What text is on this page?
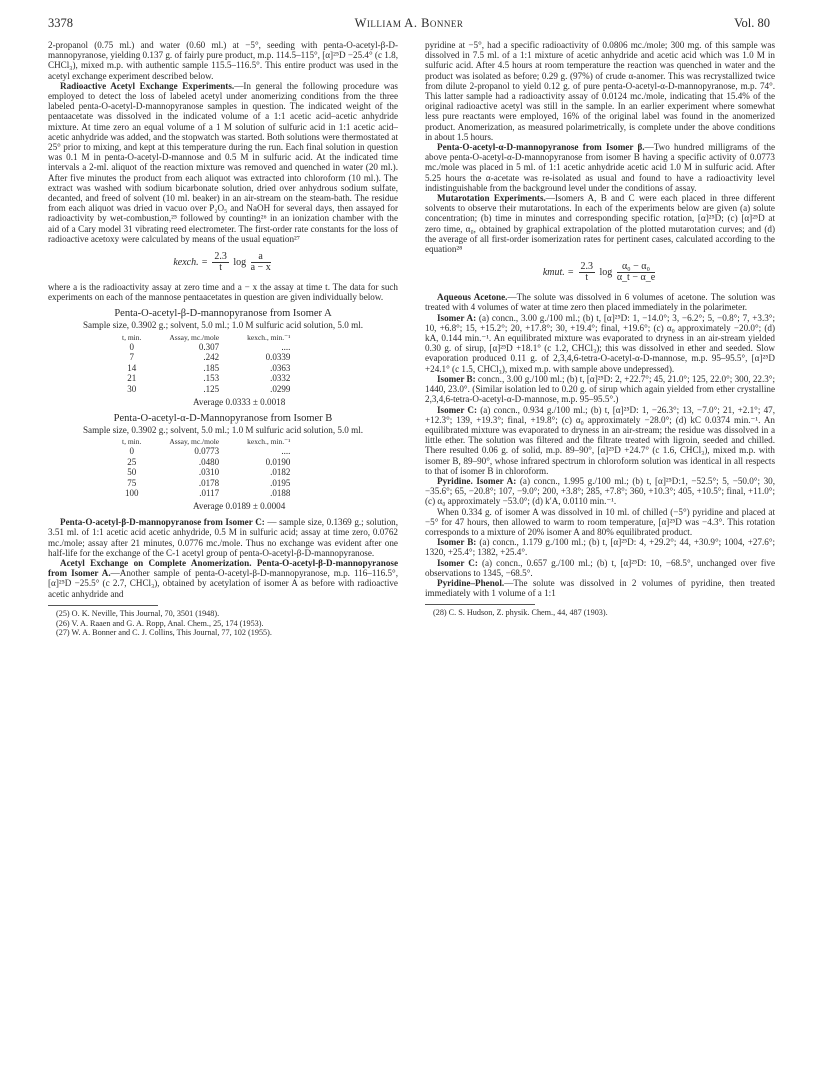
3378	William A. Bonner	Vol. 80

2-propanol (0.75 ml.) and water (0.60 ml.) at −5°, seeding with penta-O-acetyl-β-D-mannopyranose, yielding 0.137 g. of fairly pure product, m.p. 114.5–115°, [α]²⁵D −25.4° (c 1.8, CHCl₃), mixed m.p. with authentic sample 115.5–116.5°. This entire product was used in the acetyl exchange experiment described below.

Radioactive Acetyl Exchange Experiments.—In general the following procedure was employed to detect the loss of labeled acetyl under anomerizing conditions from the three labeled penta-O-acetyl-D-mannopyranose samples in question. The indicated weight of the pentaacetate was dissolved in the indicated volume of a 1:1 acetic acid–acetic anhydride mixture. At time zero an equal volume of a 1 M solution of sulfuric acid in 1:1 acetic acid–acetic anhydride was added, and the stopwatch was started. Both solutions were thermostated at 25° prior to mixing, and kept at this temperature during the run. Each final solution in question was 0.1 M in penta-O-acetyl-D-mannose and 0.5 M in sulfuric acid. At the indicated time intervals a 2-ml. aliquot of the reaction mixture was removed and quenched in water (20 ml.). After five minutes the product from each aliquot was extracted into chloroform (10 ml.). The extract was washed with sodium bicarbonate solution, dried over anhydrous sodium sulfate, decanted, and freed of solvent (10 ml. beaker) in an air-stream on the steam-bath. The residue from each aliquot was dried in vacuo over P₂O₅ and NaOH for several days, then assayed for radioactivity by wet-combustion,²⁵ followed by counting²⁶ in an ionization chamber with the aid of a Cary model 31 vibrating reed electrometer. The first-order rate constants for the loss of radioactive acetoxy were calculated by means of the usual equation²⁷

kexch. = $\frac{2.3}{t}$ $\log \frac{a}{a - x}$

where a is the radioactivity assay at zero time and a − x the assay at time t. The data for such experiments on each of the mannose pentaacetates in question are given individually below.

Penta-O-acetyl-β-D-mannopyranose from Isomer A
Sample size, 0.3902 g.; solvent, 5.0 ml.; 1.0 M sulfuric acid solution, 5.0 ml.
t, min.	Assay, mc./mole	kexch., min.⁻¹
0	0.307	....
7	.242	0.0339
14	.185	.0363
21	.153	.0332
30	.125	.0299
Average 0.0333 ± 0.0018
Penta-O-acetyl-α-D-Mannopyranose from Isomer B
Sample size, 0.3902 g.; solvent, 5.0 ml.; 1.0 M sulfuric acid solution, 5.0 ml.
t, min.	Assay, mc./mole	kexch., min.⁻¹
0	0.0773	....
25	.0480	0.0190
50	.0310	.0182
75	.0178	.0195
100	.0117	.0188
Average 0.0189 ± 0.0004

Penta-O-acetyl-β-D-mannopyranose from Isomer C: — sample size, 0.1369 g.; solution, 3.51 ml. of 1:1 acetic acid acetic anhydride, 0.5 M in sulfuric acid; assay at time zero, 0.0762 mc./mole; assay after 21 minutes, 0.0776 mc./mole. Thus no exchange was evident after one half-life for the exchange of the C-1 acetyl group of penta-O-acetyl-β-D-mannopyranose.

Acetyl Exchange on Complete Anomerization. Penta-O-acetyl-β-D-mannopyranose from Isomer A.—Another sample of penta-O-acetyl-β-D-mannopyranose, m.p. 116–116.5°, [α]²⁵D −25.5° (c 2.7, CHCl₃), obtained by acetylation of isomer A as before with radioactive acetic anhydride and

(25) O. K. Neville, This Journal, 70, 3501 (1948).
(26) V. A. Raaen and G. A. Ropp, Anal. Chem., 25, 174 (1953).
(27) W. A. Bonner and C. J. Collins, This Journal, 77, 102 (1955).

pyridine at −5°, had a specific radioactivity of 0.0806 mc./mole; 300 mg. of this sample was dissolved in 7.5 ml. of a 1:1 mixture of acetic anhydride and acetic acid which was 1.0 M in sulfuric acid. After 4.5 hours at room temperature the reaction was quenched in water and the product was isolated as before; 0.29 g. (97%) of crude α-anomer. This was recrystallized twice from dilute 2-propanol to yield 0.12 g. of pure penta-O-acetyl-α-D-mannopyranose, m.p. 74°. This latter sample had a radioactivity assay of 0.0124 mc./mole, indicating that 15.4% of the original radioactive acetyl was still in the sample. In an earlier experiment where somewhat less pure reactants were employed, 16% of the original label was found in the anomerized product. Anomerization, as measured polarimetrically, is complete under the above conditions in about 1.5 hours.

Penta-O-acetyl-α-D-mannopyranose from Isomer β.—Two hundred milligrams of the above penta-O-acetyl-α-D-mannopyranose from isomer B having a specific activity of 0.0773 mc./mole was placed in 5 ml. of 1:1 acetic anhydride acetic acid 1.0 M in sulfuric acid. After 5.25 hours the α-acetate was re-isolated as usual and found to have a radioactivity level indistinguishable from the background level under the conditions of assay.

Mutarotation Experiments.—Isomers A, B and C were each placed in three different solvents to observe their mutarotations. In each of the experiments below are given (a) solute concentration; (b) time in minutes and corresponding specific rotation, [α]²⁵D; (c) [α]²⁵D at zero time, α₀, obtained by graphical extrapolation of the plotted mutarotation curves; and (d) the average of all first-order isomerization rates for pertinent cases, calculated according to the equation²⁸

kmut. = $\frac{2.3}{t}$ $\log \frac{\text{α₀ − α₀}}{\alpha\_t - \alpha\_e}$

Aqueous Acetone.—The solute was dissolved in 6 volumes of acetone. The solution was treated with 4 volumes of water at time zero then placed immediately in the polarimeter.

Isomer A: (a) concn., 3.00 g./100 ml.; (b) t, [α]²⁵D: 1, −14.0°; 3, −6.2°; 5, −0.8°; 7, +3.3°; 10, +6.8°; 15, +15.2°; 20, +17.8°; 30, +19.4°; final, +19.6°; (c) α₀ approximately −20.0°; (d) kA, 0.144 min.⁻¹. An equilibrated mixture was evaporated to dryness in an air-stream yielded 0.30 g. of sirup, [α]²⁵D +18.1° (c 1.2, CHCl₃); this was dissolved in ether and seeded. Slow evaporation produced 0.11 g. of 2,3,4,6-tetra-O-acetyl-α-D-mannose, m.p. 95–95.5°, [α]²⁵D +24.1° (c 1.5, CHCl₃), mixed m.p. with sample above undepressed).

Isomer B: concn., 3.00 g./100 ml.; (b) t, [α]²⁵D: 2, +22.7°; 45, 21.0°; 125, 22.0°; 300, 22.3°; 1440, 23.0°. (Similar isolation led to 0.20 g. of sirup which again yielded from ether crystalline 2,3,4,6-tetra-O-acetyl-α-D-mannose, m.p. 95–95.5°.)

Isomer C: (a) concn., 0.934 g./100 ml.; (b) t, [α]²⁵D: 1, −26.3°; 13, −7.0°; 21, +2.1°; 47, +12.3°; 139, +19.3°; final, +19.8°; (c) α₀ approximately −28.0°; (d) kC 0.0374 min.⁻¹. An equilibrated mixture was evaporated to dryness in an air-stream; the residue was dissolved in a little ether. The solution was filtered and the filtrate treated with ligroin, seeded and chilled. There resulted 0.06 g. of solid, m.p. 89–90°, [α]²⁵D +24.7° (c 1.6, CHCl₃), mixed m.p. with isomer B, 89–90°, whose infrared spectrum in chloroform solution was identical in all respects to that of isomer B in chloroform.

Pyridine. Isomer A: (a) concn., 1.995 g./100 ml.; (b) t, [α]²⁵D:1, −52.5°; 5, −50.0°; 30, −35.6°; 65, −20.8°; 107, −9.0°; 200, +3.8°; 285, +7.8°; 360, +10.3°; 405, +10.5°; final, +11.0°; (c) α₀ approximately −53.0°; (d) k′A, 0.0110 min.⁻¹.

When 0.334 g. of isomer A was dissolved in 10 ml. of chilled (−5°) pyridine and placed at −5° for 47 hours, then allowed to warm to room temperature, [α]²⁵D was −4.3°. This rotation corresponds to a mixture of 20% isomer A and 80% equilibrated product.

Isomer B: (a) concn., 1.179 g./100 ml.; (b) t, [α]²⁵D: 4, +29.2°; 44, +30.9°; 1004, +27.6°; 1320, +25.4°; 1382, +25.4°.

Isomer C: (a) concn., 0.657 g./100 ml.; (b) t, [α]²⁵D: 10, −68.5°, unchanged over five observations to 1345, −68.5°.

Pyridine–Phenol.—The solute was dissolved in 2 volumes of pyridine, then treated immediately with 1 volume of a 1:1

(28) C. S. Hudson, Z. physik. Chem., 44, 487 (1903).
